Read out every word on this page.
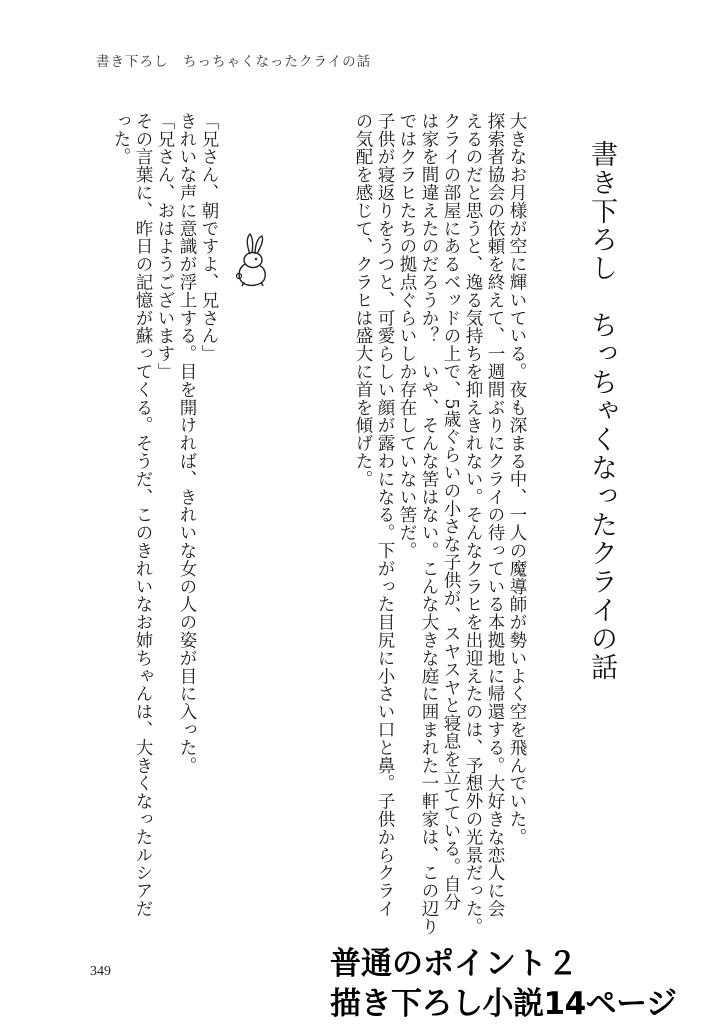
書き下ろし　ちっちゃくなったクライの話
書き下ろし　ちっちゃくなったクライの話
大きなお月様が空に輝いている。夜も深まる中、一人の魔導師が勢いよく空を飛んでいた。
探索者協会の依頼を終えて、一週間ぶりにクライの待っている本拠地に帰還する。大好きな恋人に会
えるのだと思うと、逸る気持ちを抑えきれない。そんなクラヒを出迎えたのは、予想外の光景だった。
クライの部屋にあるベッドの上で、5歳ぐらいの小さな子供が、スヤスヤと寝息を立てている。自分
は家を間違えたのだろうか？　いや、そんな筈はない。こんな大きな庭に囲まれた一軒家は、この辺り
ではクラヒたちの拠点ぐらいしか存在していない筈だ。
子供が寝返りをうつと、可愛らしい顔が露わになる。下がった目尻に小さい口と鼻。子供からクライ
の気配を感じて、クラヒは盛大に首を傾げた。
「兄さん、朝ですよ、兄さん」
きれいな声に意識が浮上する。目を開ければ、きれいな女の人の姿が目に入った。
「兄さん、おはようございます」
その言葉に、昨日の記憶が蘇ってくる。そうだ、このきれいなお姉ちゃんは、大きくなったルシアだ
った。
349	普通のポイント２
描き下ろし小説14ページ
